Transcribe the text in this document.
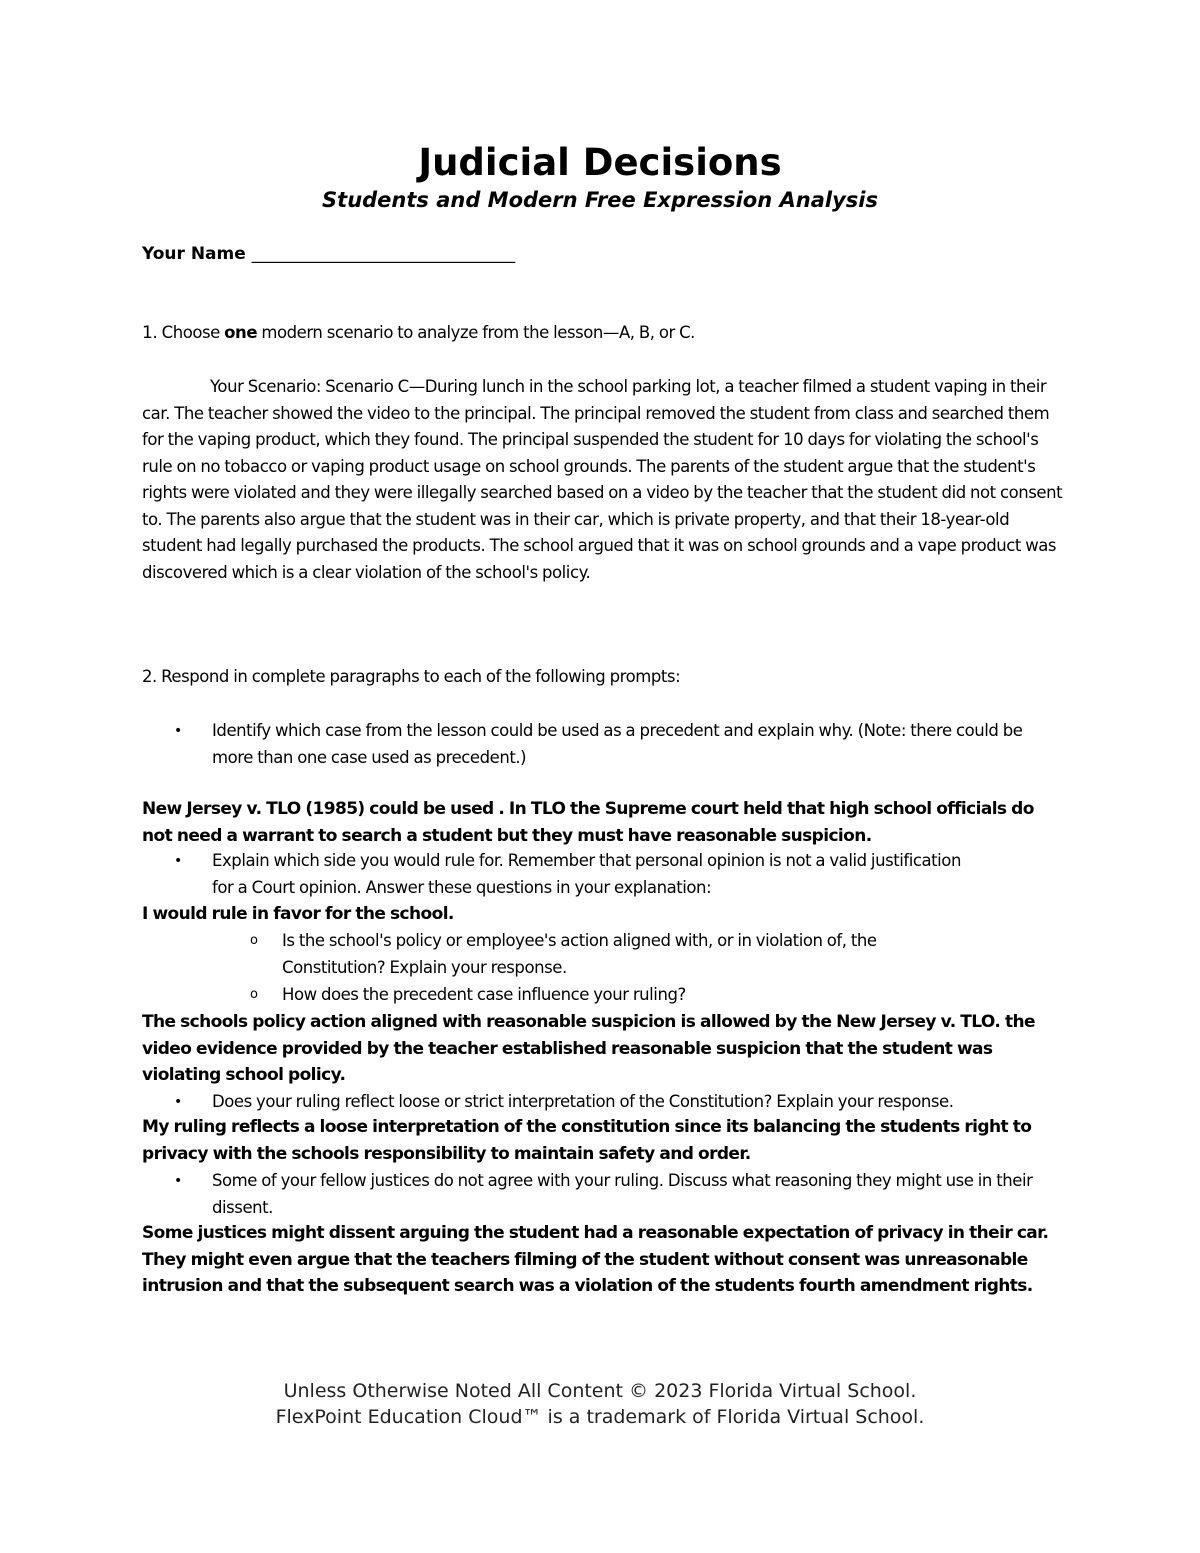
Judicial Decisions
Students and Modern Free Expression Analysis
Your Name _______________________________
1. Choose one modern scenario to analyze from the lesson—A, B, or C.
Your Scenario: Scenario C—During lunch in the school parking lot, a teacher filmed a student vaping in their car. The teacher showed the video to the principal. The principal removed the student from class and searched them for the vaping product, which they found. The principal suspended the student for 10 days for violating the school's rule on no tobacco or vaping product usage on school grounds. The parents of the student argue that the student's rights were violated and they were illegally searched based on a video by the teacher that the student did not consent to. The parents also argue that the student was in their car, which is private property, and that their 18-year-old student had legally purchased the products. The school argued that it was on school grounds and a vape product was discovered which is a clear violation of the school's policy.
2. Respond in complete paragraphs to each of the following prompts:
• Identify which case from the lesson could be used as a precedent and explain why. (Note: there could be more than one case used as precedent.)
New Jersey v. TLO (1985) could be used . In TLO the Supreme court held that high school officials do not need a warrant to search a student but they must have reasonable suspicion.
• Explain which side you would rule for. Remember that personal opinion is not a valid justification for a Court opinion. Answer these questions in your explanation:
I would rule in favor for the school.
o Is the school's policy or employee's action aligned with, or in violation of, the Constitution? Explain your response.
o How does the precedent case influence your ruling?
The schools policy action aligned with reasonable suspicion is allowed by the New Jersey v. TLO. the video evidence provided by the teacher established reasonable suspicion that the student was violating school policy.
• Does your ruling reflect loose or strict interpretation of the Constitution? Explain your response.
My ruling reflects a loose interpretation of the constitution since its balancing the students right to privacy with the schools responsibility to maintain safety and order.
• Some of your fellow justices do not agree with your ruling. Discuss what reasoning they might use in their dissent.
Some justices might dissent arguing the student had a reasonable expectation of privacy in their car. They might even argue that the teachers filming of the student without consent was unreasonable intrusion and that the subsequent search was a violation of the students fourth amendment rights.
Unless Otherwise Noted All Content © 2023 Florida Virtual School.
FlexPoint Education Cloud™ is a trademark of Florida Virtual School.
